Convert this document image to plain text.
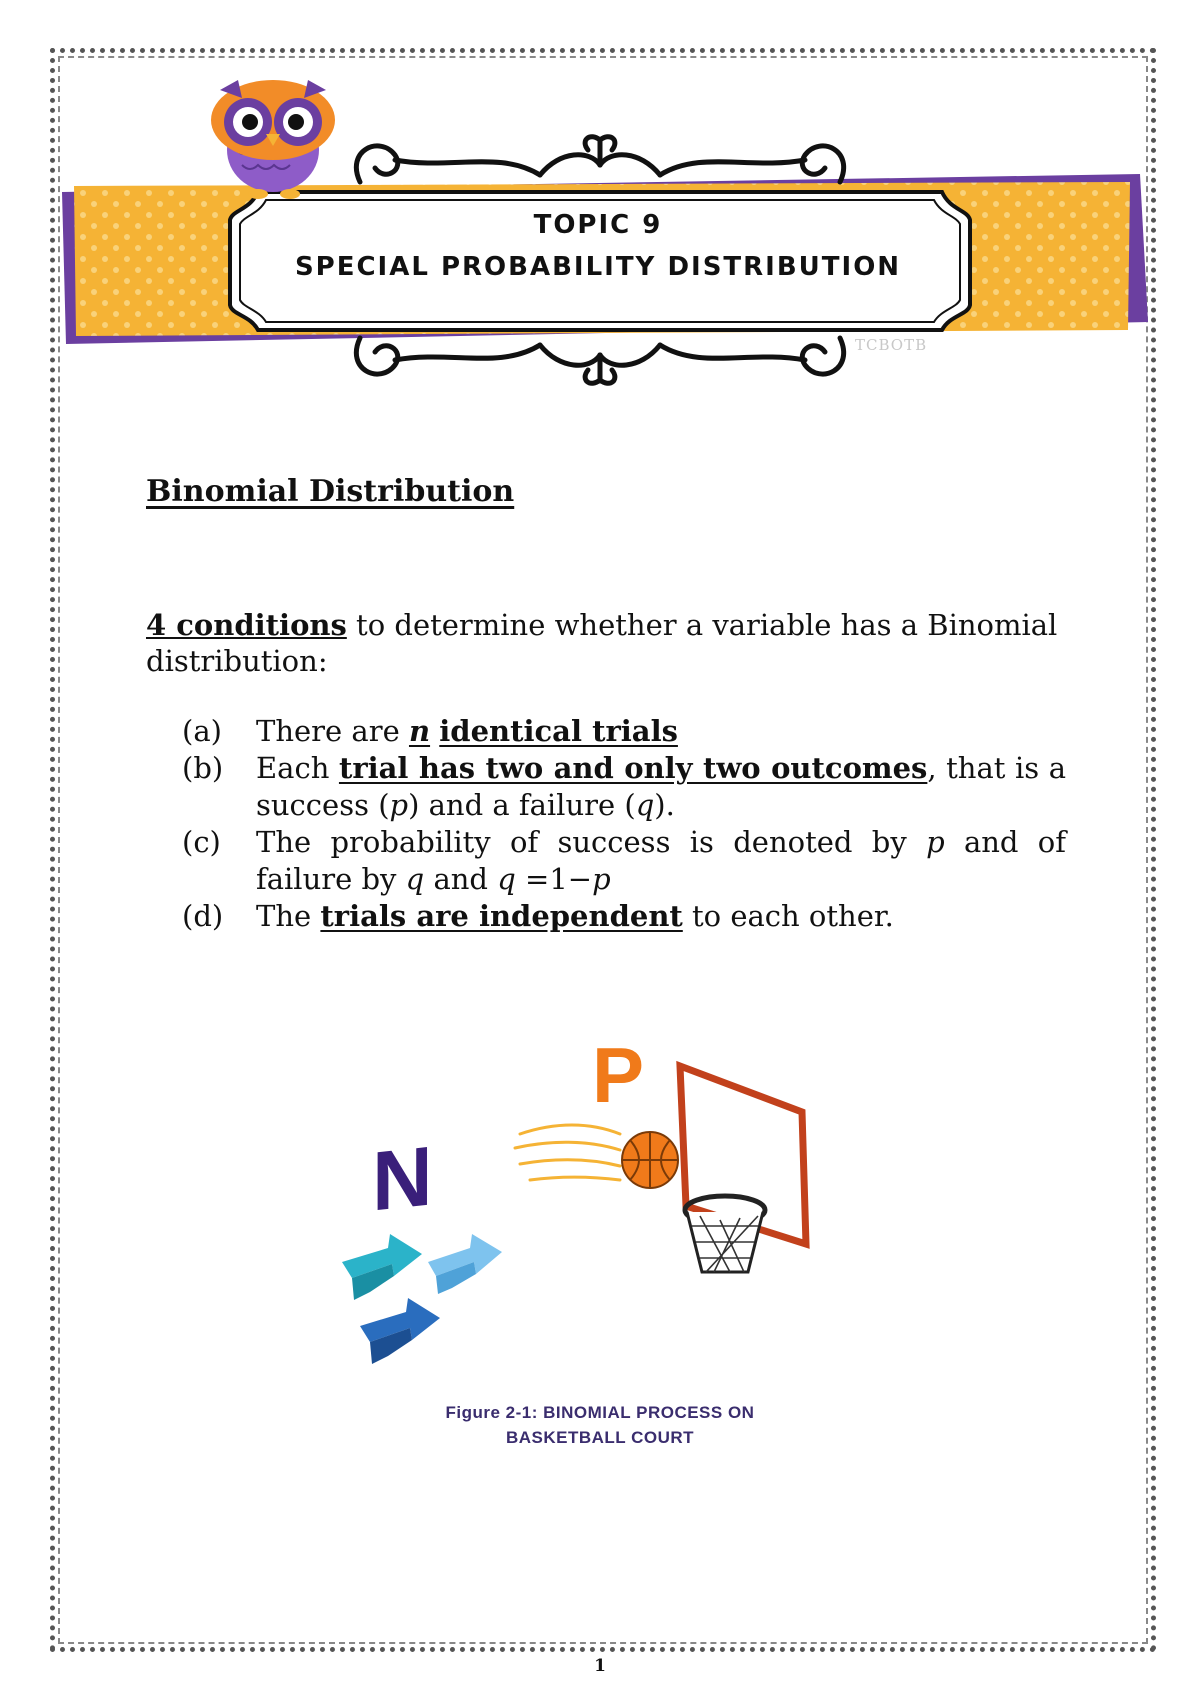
TOPIC 9
SPECIAL PROBABILITY DISTRIBUTION
TCBOTB
Binomial Distribution

4 conditions to determine whether a variable has a Binomial distribution:

(a)	There are n identical trials
(b)	Each trial has two and only two outcomes, that is a success (p) and a failure (q).
(c)	The probability of success is denoted by p and of failure by q and q =1−p
(d)	The trials are independent to each other.
P
N
Figure 2-1: BINOMIAL PROCESS ON
BASKETBALL COURT
1
